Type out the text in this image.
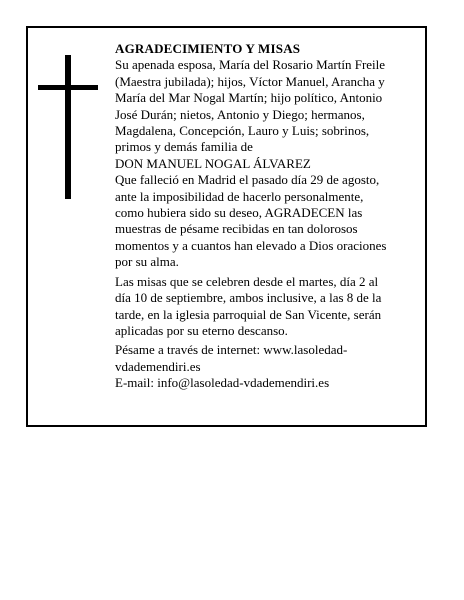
AGRADECIMIENTO Y MISAS

Su apenada esposa, María del Rosario Martín Freile (Maestra jubilada); hijos, Víctor Manuel, Arancha y María del Mar Nogal Martín; hijo político, Antonio José Durán; nietos, Antonio y Diego; hermanos, Magdalena, Concepción, Lauro y Luis; sobrinos, primos y demás familia de

DON MANUEL NOGAL ÁLVAREZ

Que falleció en Madrid el pasado día 29 de agosto, ante la imposibilidad de hacerlo personalmente, como hubiera sido su deseo, AGRADECEN las muestras de pésame recibidas en tan dolorosos momentos y a cuantos han elevado a Dios oraciones por su alma.

Las misas que se celebren desde el martes, día 2 al día 10 de septiembre, ambos inclusive, a las 8 de la tarde, en la iglesia parroquial de San Vicente, serán aplicadas por su eterno descanso.

Pésame a través de internet: www.lasoledad-vdademendiri.es

E-mail: info@lasoledad-vdademendiri.es
